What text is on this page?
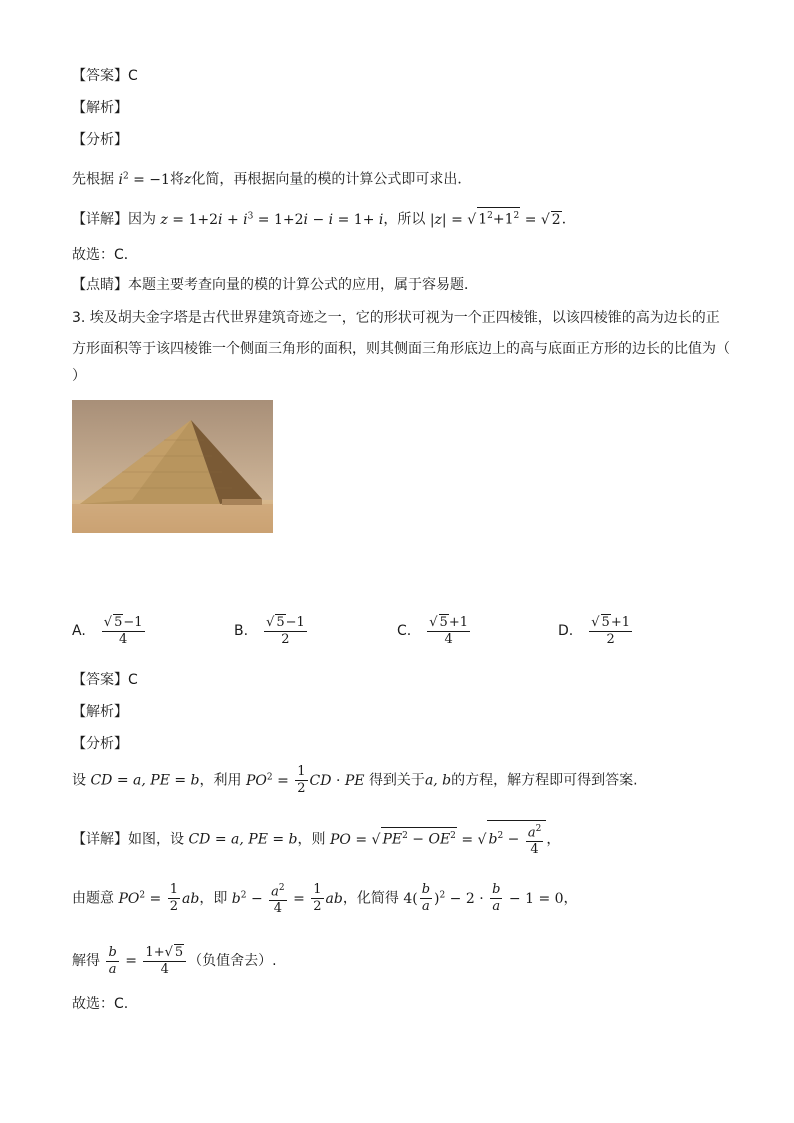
【答案】C
【解析】
【分析】
先根据 $i^2 = -1$将z化简，再根据向量的模的计算公式即可求出．
【详解】因为 $z = 1+2i + i^3 = 1+2i - i = 1+ i$，所以 |z| = √ $1^2+1^2$ = √ 2．
故选：C．
【点睛】本题主要考查向量的模的计算公式的应用，属于容易题．
3. 埃及胡夫金字塔是古代世界建筑奇迹之一，它的形状可视为一个正四棱锥，以该四棱锥的高为边长的正
方形面积等于该四棱锥一个侧面三角形的面积，则其侧面三角形底边上的高与底面正方形的边长的比值为（
）
A. $\frac{√ 5-1}{4}$	B. $\frac{√ 5-1}{2}$	C. $\frac{√ 5+1}{4}$	D. $\frac{√ 5+1}{2}$
【答案】C
【解析】
【分析】
设 CD = a, PE = b，利用 $PO^2 = \frac{1}{2}$ CD · PE 得到关于a, b的方程，解方程即可得到答案.
【详解】如图，设 CD = a, PE = b，则 PO = √ $PE^2 - OE^2$ = √ $b^2 - \frac{a^2}{4}$ ，
由题意 $PO^2 = \frac{1}{2}$ ab，即 $b^2 - \frac{a^2}{4} = \frac{1}{2}$ ab，化简得 $4( \frac{b}{a} )^2 - 2 \cdot \frac{b}{a} - 1 = 0$，
解得 $\frac{b}{a} = \frac{1+√ 5}{4}$ （负值舍去）.
故选：C.
